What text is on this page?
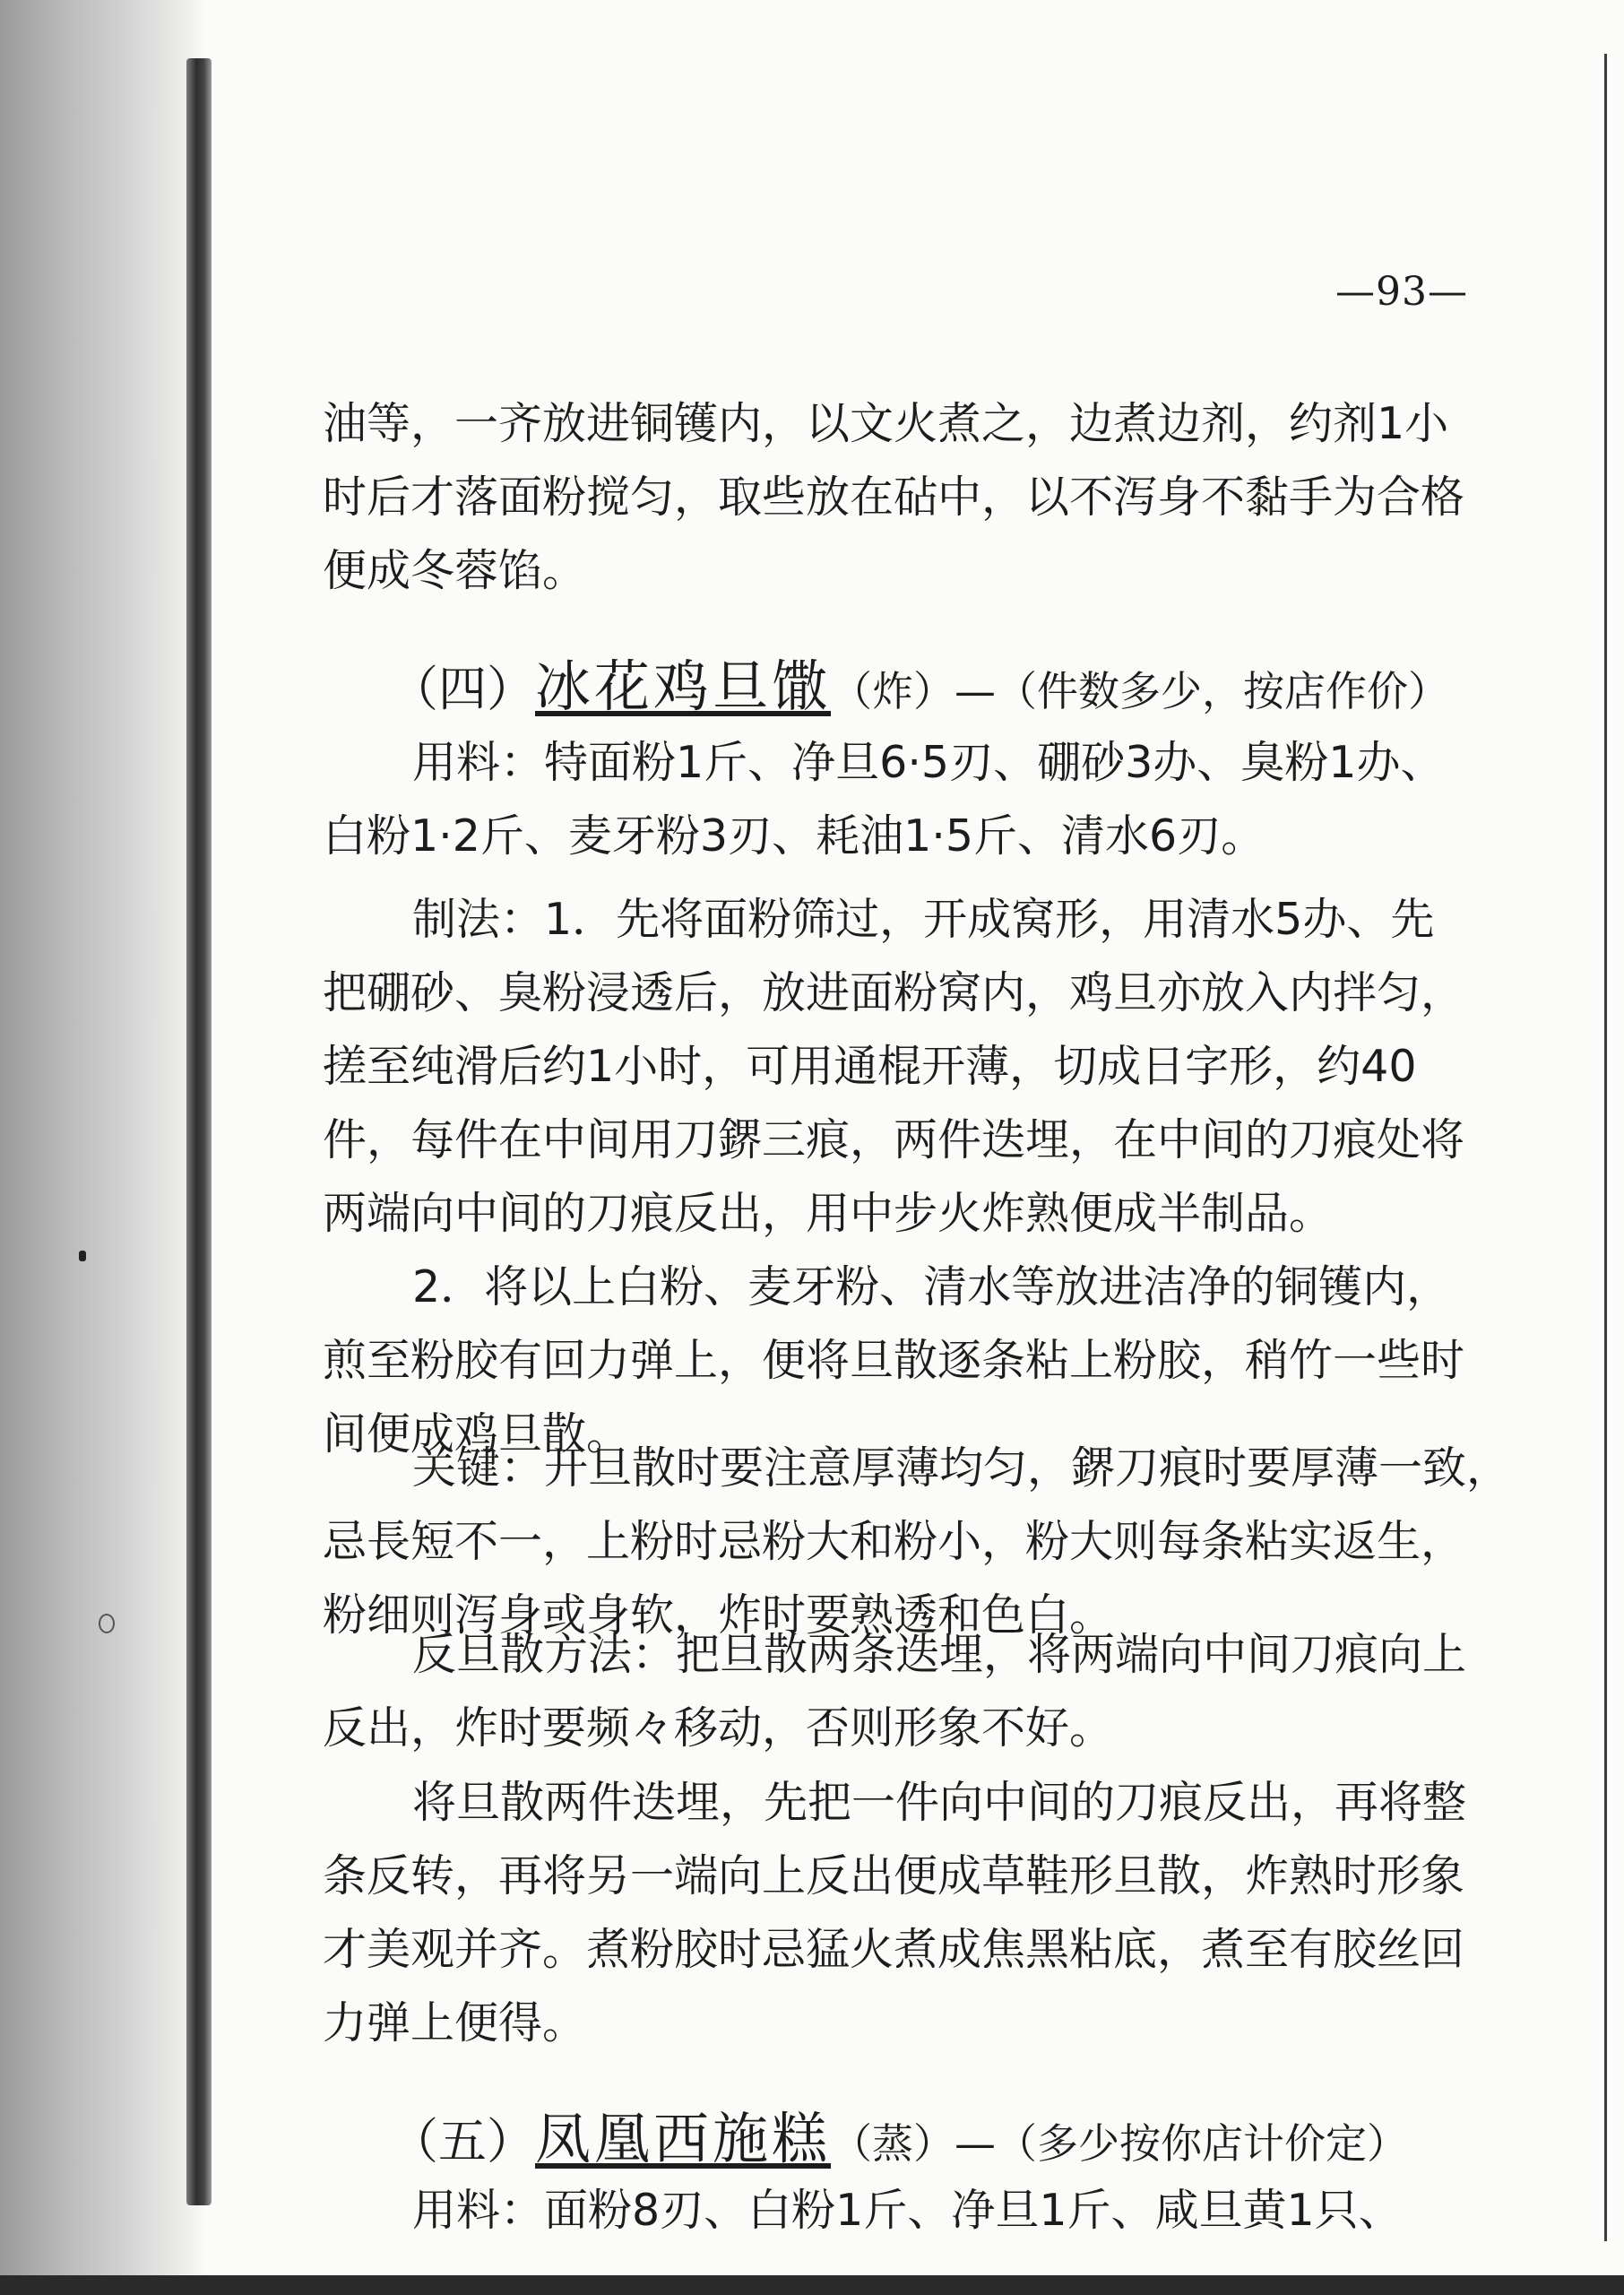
—93—
油等，一齐放进铜镬内，以文火煮之，边煮边剂，约剂1小
时后才落面粉搅匀，取些放在砧中，以不泻身不黏手为合格
便成冬蓉馅。
（四）冰花鸡旦馓（炸）—（件数多少，按店作价）
用料：特面粉1斤、净旦6·5刃、硼砂3办、臭粉1办、
白粉1·2斤、麦牙粉3刃、耗油1·5斤、清水6刃。
制法：1．先将面粉筛过，开成窝形，用清水5办、先
把硼砂、臭粉浸透后，放进面粉窝内，鸡旦亦放入内拌匀，
搓至纯滑后约1小时，可用通棍开薄，切成日字形，约40
件，每件在中间用刀鎅三痕，两件迭埋，在中间的刀痕处将
两端向中间的刀痕反出，用中步火炸熟便成半制品。
2．将以上白粉、麦牙粉、清水等放进洁净的铜镬内，
煎至粉胶有回力弹上，便将旦散逐条粘上粉胶，稍竹一些时
间便成鸡旦散。
关键：开旦散时要注意厚薄均匀，鎅刀痕时要厚薄一致，
忌長短不一，上粉时忌粉大和粉小，粉大则每条粘实返生，
粉细则泻身或身软，炸时要熟透和色白。
反旦散方法：把旦散两条迭埋，将两端向中间刀痕向上
反出，炸时要频々移动，否则形象不好。
将旦散两件迭埋，先把一件向中间的刀痕反出，再将整
条反转，再将另一端向上反出便成草鞋形旦散，炸熟时形象
才美观并齐。煮粉胶时忌猛火煮成焦黑粘底，煮至有胶丝回
力弹上便得。
（五）凤凰西施糕（蒸）—（多少按你店计价定）
用料：面粉8刃、白粉1斤、净旦1斤、咸旦黄1只、
